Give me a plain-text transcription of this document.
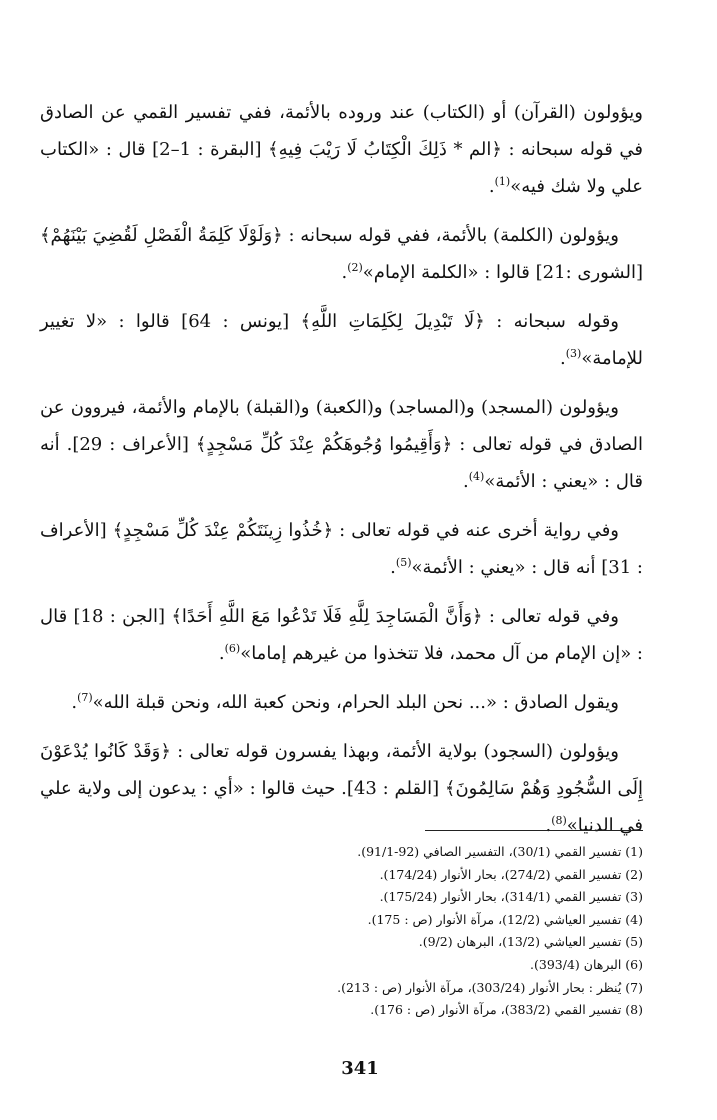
ويؤولون (القرآن) أو (الكتاب) عند وروده بالأئمة، ففي تفسير القمي عن الصادق في قوله سبحانه : ﴿الم * ذَلِكَ الْكِتَابُ لَا رَيْبَ فِيهِ﴾ [البقرة : 1–2] قال : «الكتاب علي ولا شك فيه»$^{(1)}$.

ويؤولون (الكلمة) بالأئمة، ففي قوله سبحانه : ﴿وَلَوْلَا كَلِمَةُ الْفَصْلِ لَقُضِيَ بَيْنَهُمْ﴾ [الشورى :21] قالوا : «الكلمة الإمام»$^{(2)}$.

وقوله سبحانه : ﴿لَا تَبْدِيلَ لِكَلِمَاتِ اللَّهِ﴾ [يونس : 64] قالوا : «لا تغيير للإمامة»$^{(3)}$.

ويؤولون (المسجد) و(المساجد) و(الكعبة) و(القبلة) بالإمام والأئمة، فيروون عن الصادق في قوله تعالى : ﴿وَأَقِيمُوا وُجُوهَكُمْ عِنْدَ كُلِّ مَسْجِدٍ﴾ [الأعراف : 29]. أنه قال : «يعني : الأئمة»$^{(4)}$.

وفي رواية أخرى عنه في قوله تعالى : ﴿خُذُوا زِينَتَكُمْ عِنْدَ كُلِّ مَسْجِدٍ﴾ [الأعراف : 31] أنه قال : «يعني : الأئمة»$^{(5)}$.

وفي قوله تعالى : ﴿وَأَنَّ الْمَسَاجِدَ لِلَّهِ فَلَا تَدْعُوا مَعَ اللَّهِ أَحَدًا﴾ [الجن : 18] قال : «إن الإمام من آل محمد، فلا تتخذوا من غيرهم إماما»$^{(6)}$.

ويقول الصادق : «... نحن البلد الحرام، ونحن كعبة الله، ونحن قبلة الله»$^{(7)}$.

ويؤولون (السجود) بولاية الأئمة، وبهذا يفسرون قوله تعالى : ﴿وَقَدْ كَانُوا يُدْعَوْنَ إِلَى السُّجُودِ وَهُمْ سَالِمُونَ﴾ [القلم : 43]. حيث قالوا : «أي : يدعون إلى ولاية علي في الدنيا»$^{(8)}$.

(1) تفسير القمي (30/1)، التفسير الصافي (92-91/1).
(2) تفسير القمي (274/2)، بحار الأنوار (174/24).
(3) تفسير القمي (314/1)، بحار الأنوار (175/24).
(4) تفسير العياشي (12/2)، مرآة الأنوار (ص : 175).
(5) تفسير العياشي (13/2)، البرهان (9/2).
(6) البرهان (393/4).
(7) يُنظر : بحار الأنوار (303/24)، مرآة الأنوار (ص : 213).
(8) تفسير القمي (383/2)، مرآة الأنوار (ص : 176).
341
